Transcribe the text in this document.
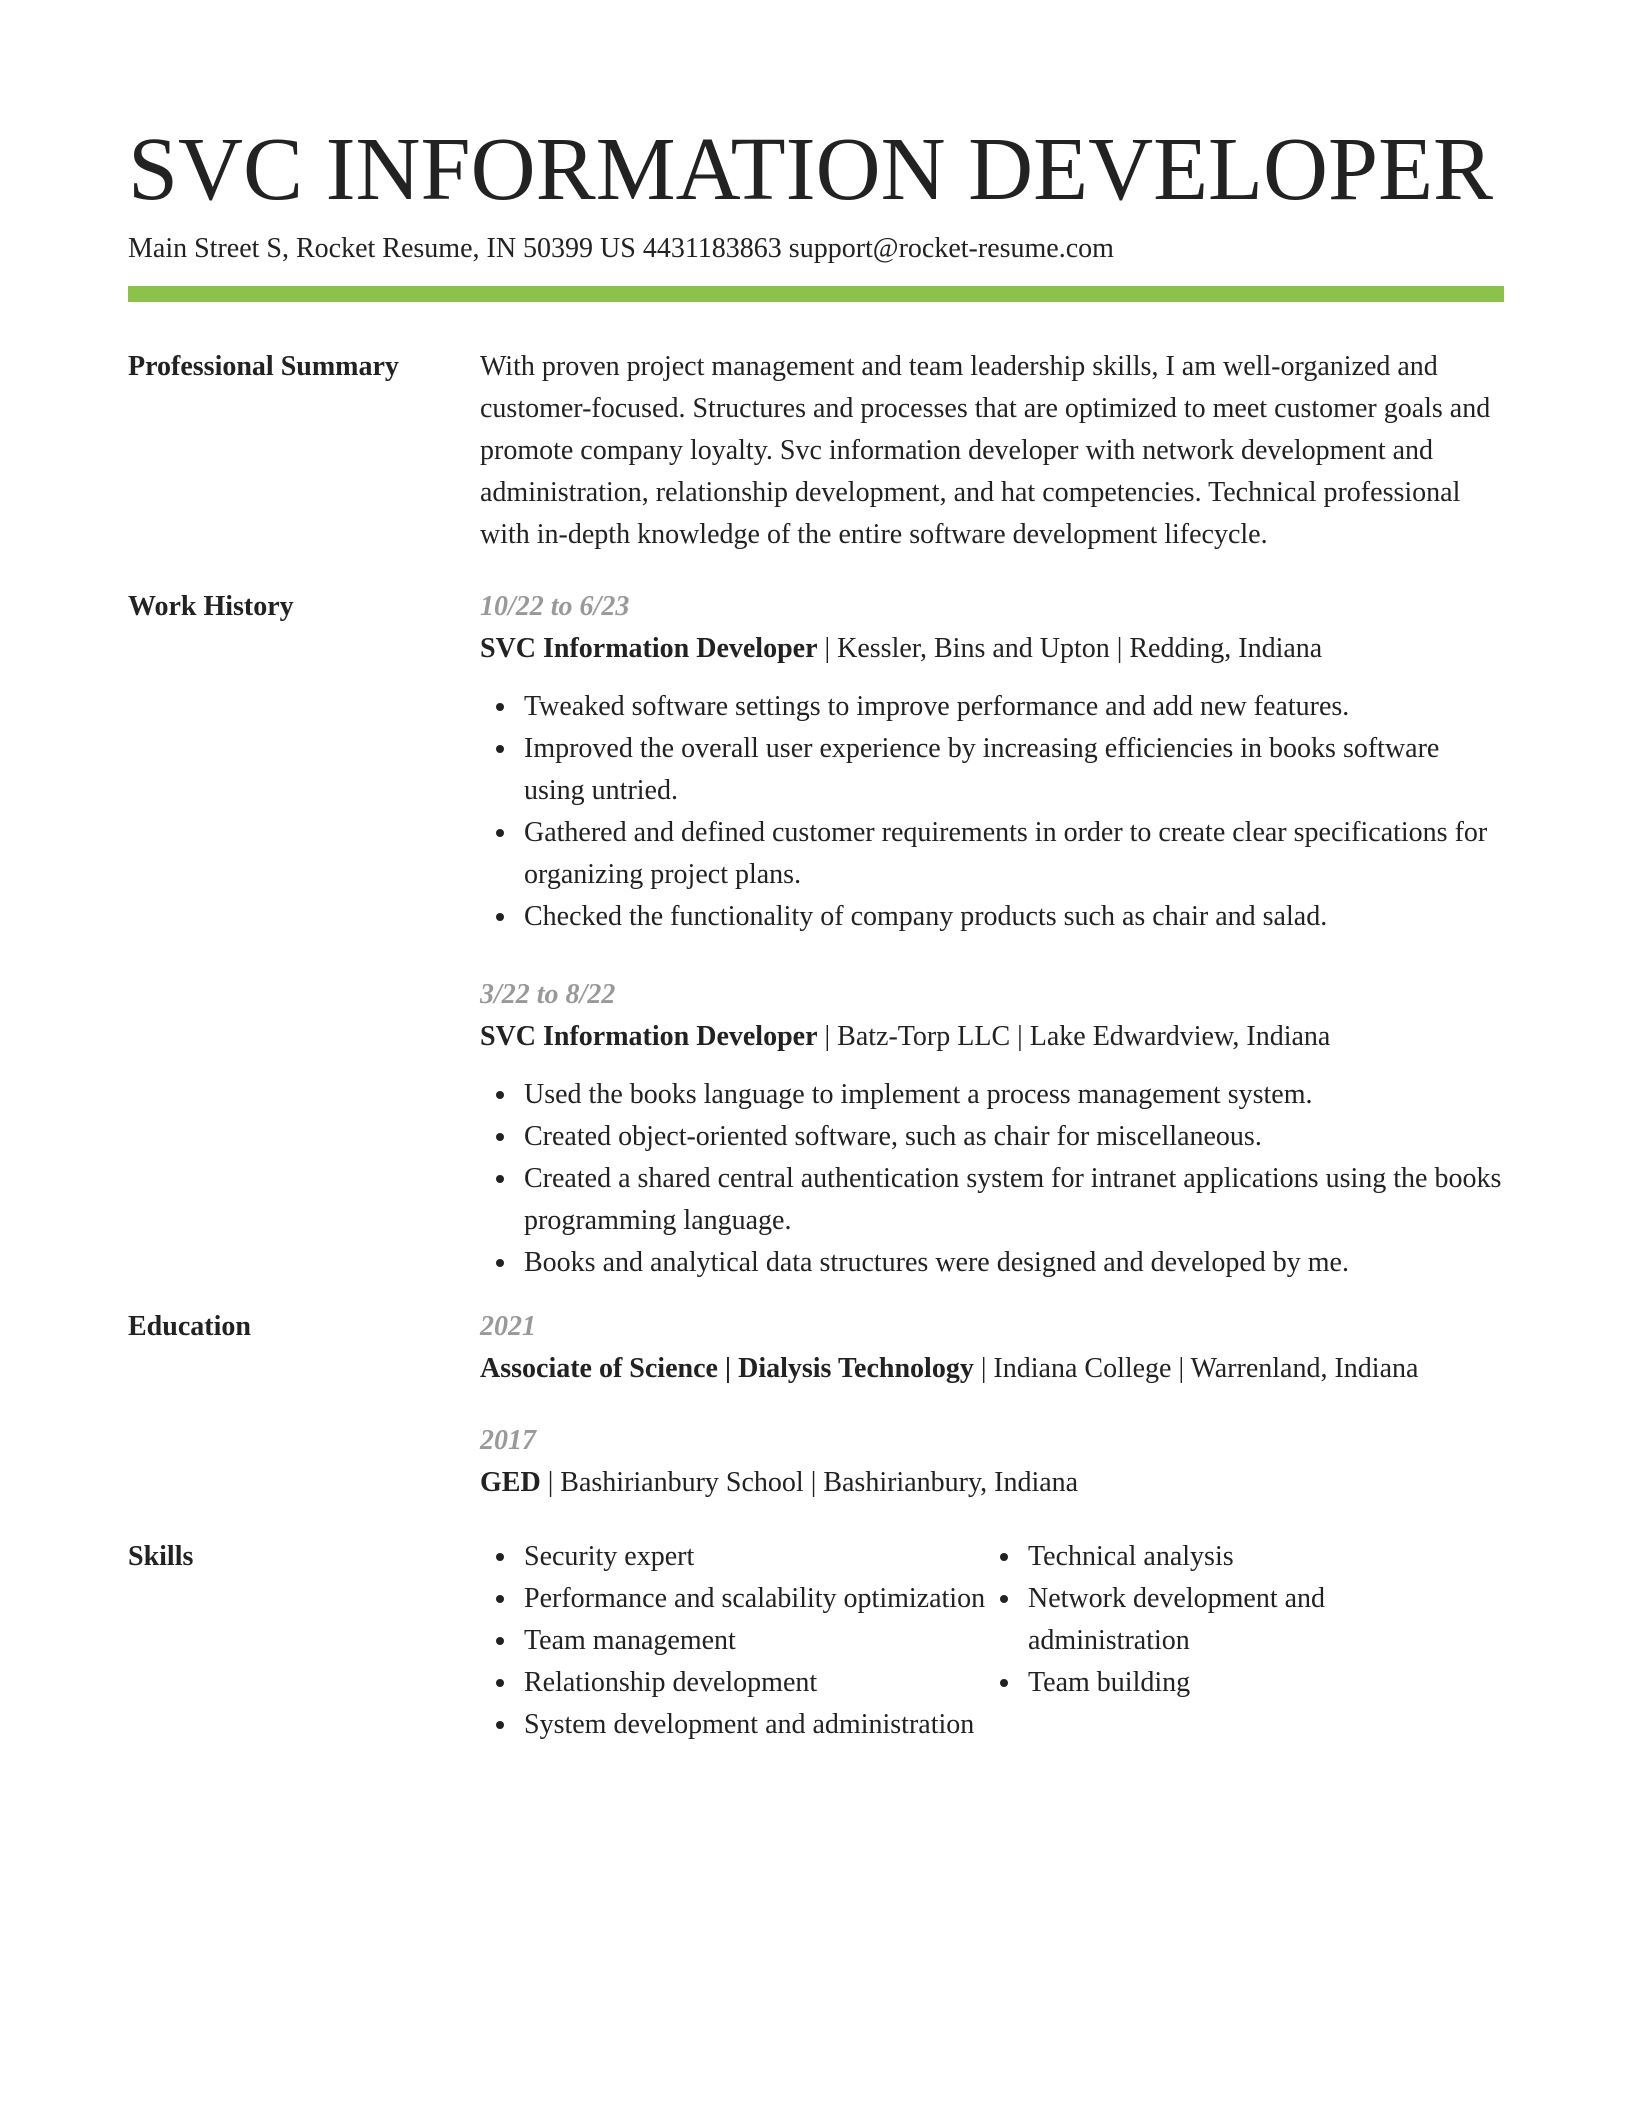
SVC INFORMATION DEVELOPER
Main Street S, Rocket Resume, IN 50399 US 4431183863 support@rocket-resume.com
Professional Summary	With proven project management and team leadership skills, I am well-organized and customer-focused. Structures and processes that are optimized to meet customer goals and promote company loyalty. Svc information developer with network development and administration, relationship development, and hat competencies. Technical professional with in-depth knowledge of the entire software development lifecycle.

Work History	10/22 to 6/23
SVC Information Developer | Kessler, Bins and Upton | Redding, Indiana
Tweaked software settings to improve performance and add new features.
Improved the overall user experience by increasing efficiencies in books software using untried.
Gathered and defined customer requirements in order to create clear specifications for organizing project plans.
Checked the functionality of company products such as chair and salad.
3/22 to 8/22
SVC Information Developer | Batz-Torp LLC | Lake Edwardview, Indiana
Used the books language to implement a process management system.
Created object-oriented software, such as chair for miscellaneous.
Created a shared central authentication system for intranet applications using the books programming language.
Books and analytical data structures were designed and developed by me.
Education	2021
Associate of Science | Dialysis Technology | Indiana College | Warrenland, Indiana
2017
GED | Bashirianbury School | Bashirianbury, Indiana
Skills	Security expert
Performance and scalability optimization
Team management
Relationship development
System development and administration
Technical analysis
Network development and administration
Team building
